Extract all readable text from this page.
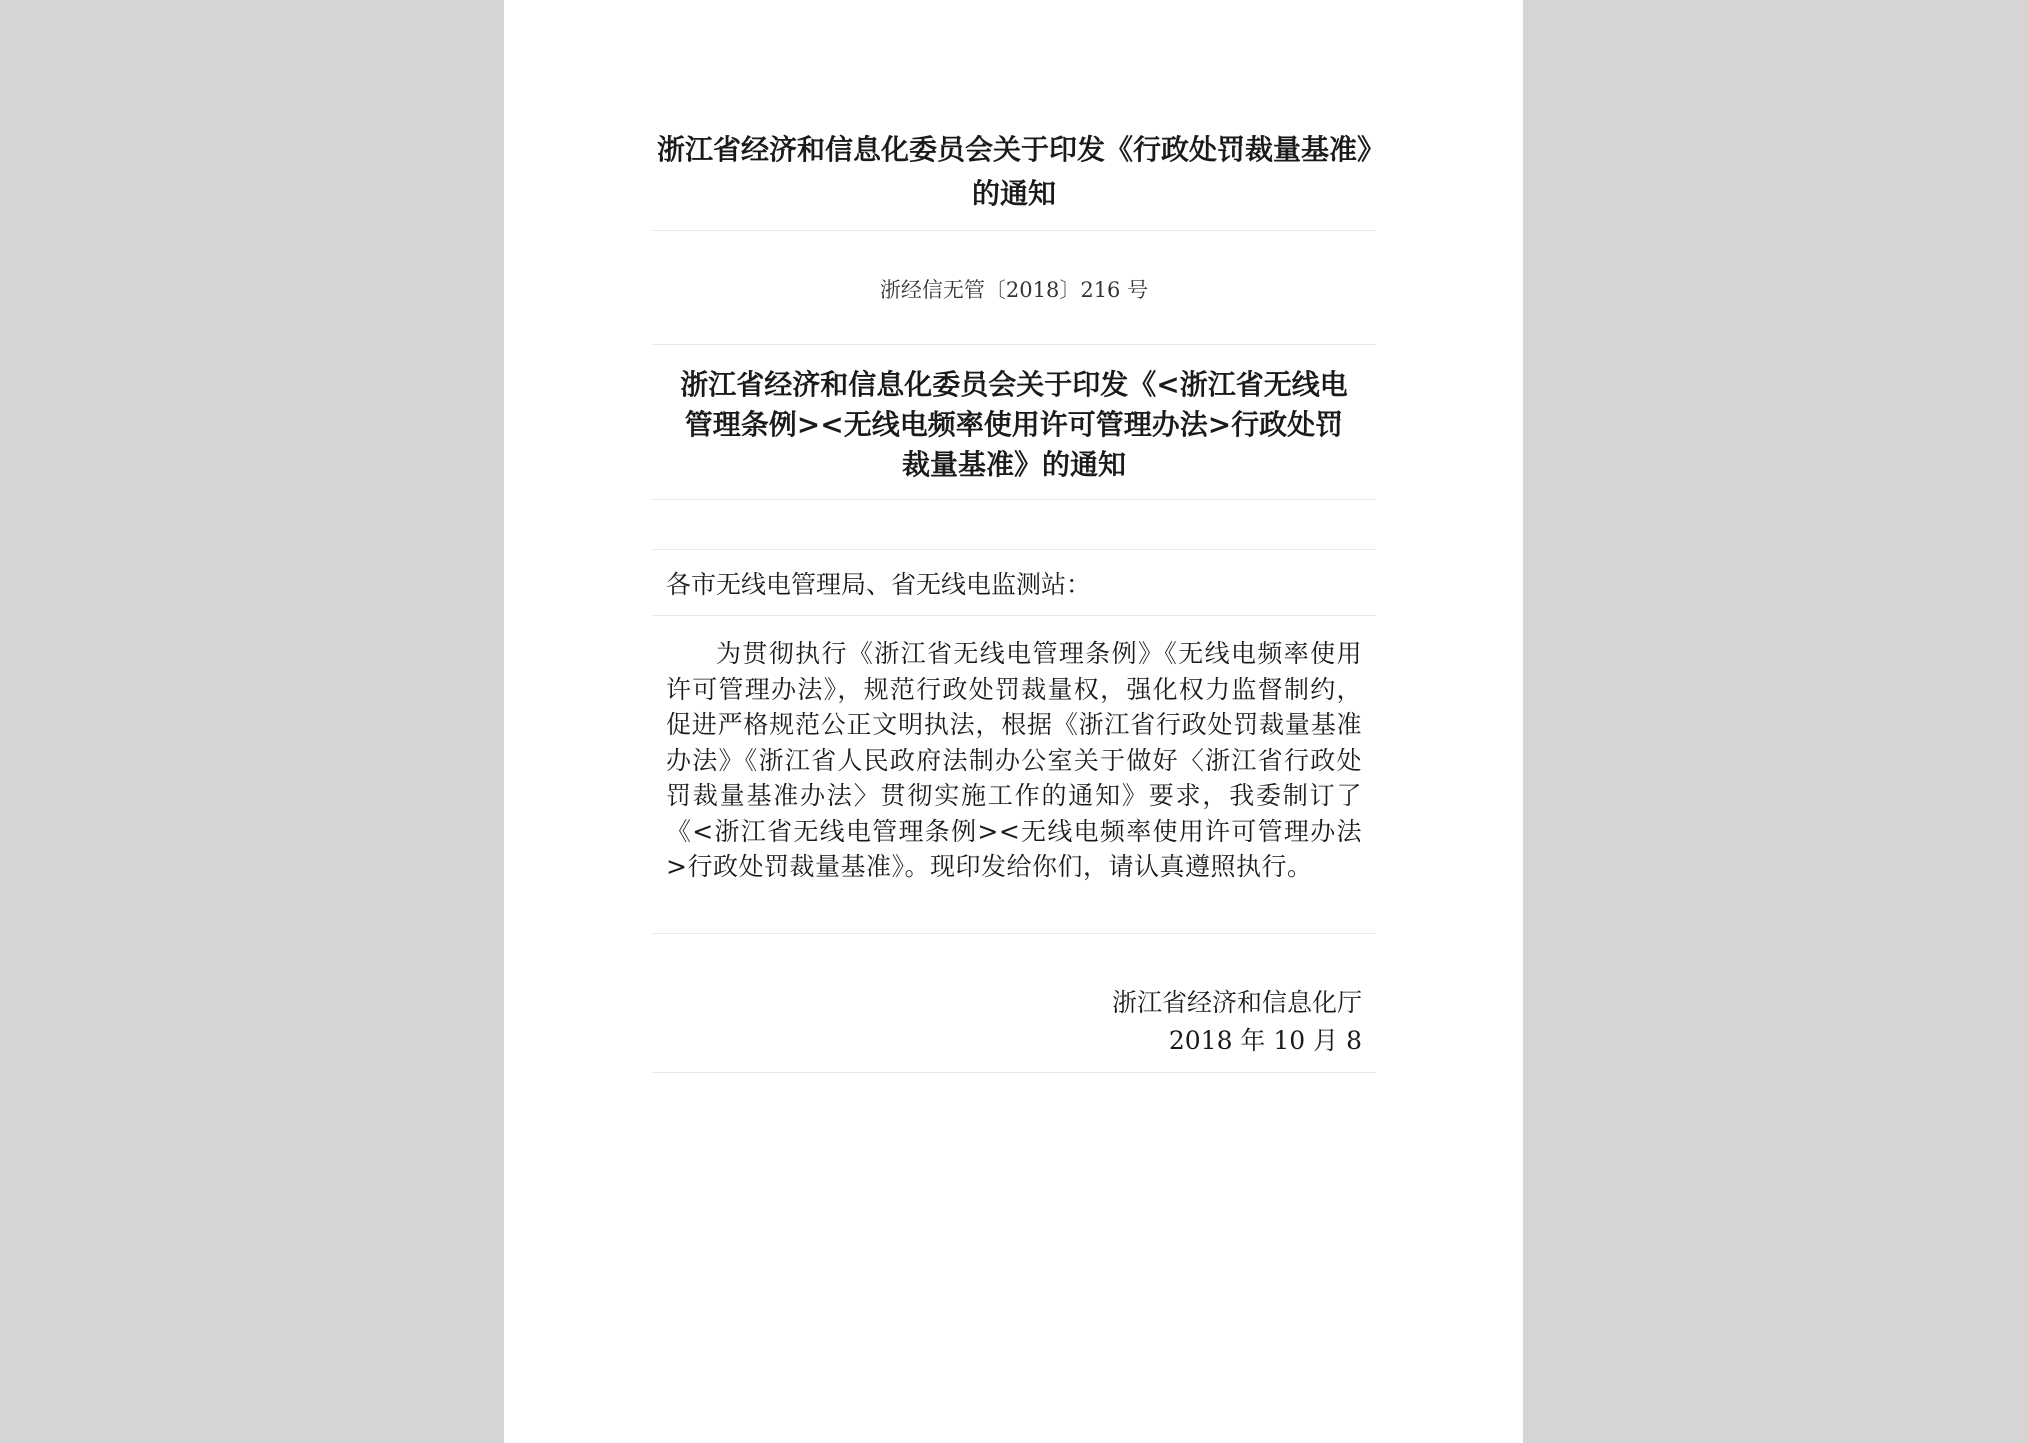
浙江省经济和信息化委员会关于印发《行政处罚裁量基准》的通知
浙经信无管〔2018〕216 号
浙江省经济和信息化委员会关于印发《<浙江省无线电管理条例><无线电频率使用许可管理办法>行政处罚裁量基准》的通知
各市无线电管理局、省无线电监测站：
为贯彻执行《浙江省无线电管理条例》《无线电频率使用许可管理办法》，规范行政处罚裁量权，强化权力监督制约，促进严格规范公正文明执法，根据《浙江省行政处罚裁量基准办法》《浙江省人民政府法制办公室关于做好〈浙江省行政处罚裁量基准办法〉贯彻实施工作的通知》要求，我委制订了《<浙江省无线电管理条例><无线电频率使用许可管理办法>行政处罚裁量基准》。现印发给你们，请认真遵照执行。
浙江省经济和信息化厅
2018 年 10 月 8
